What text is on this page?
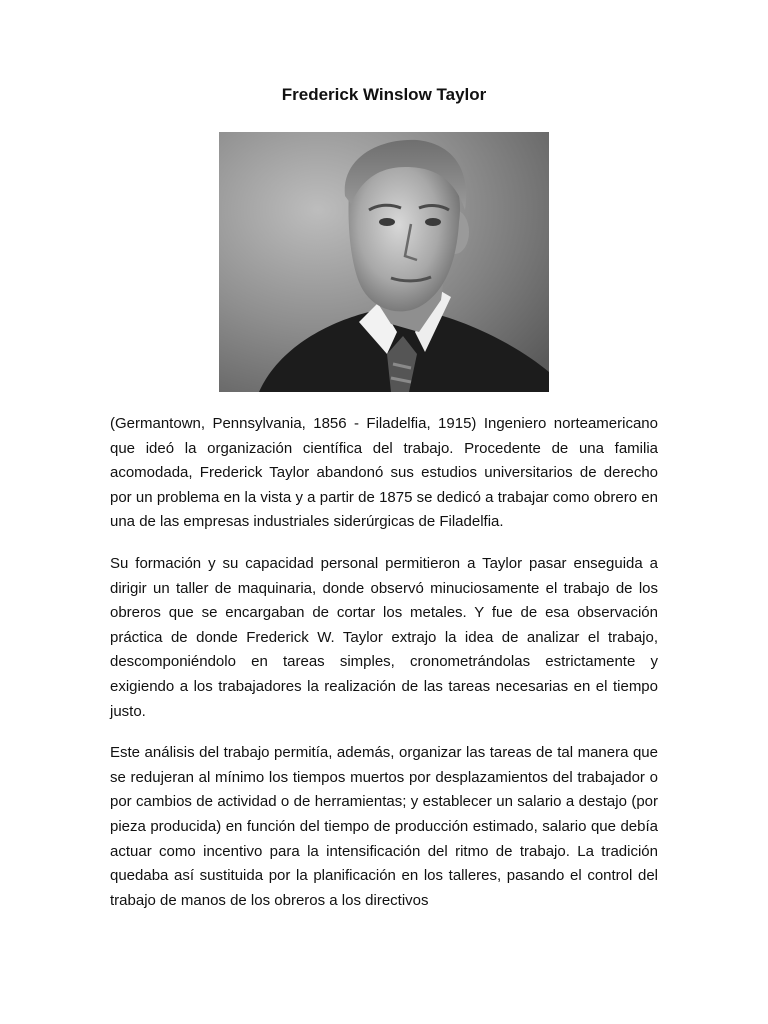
Frederick Winslow Taylor

(Germantown, Pennsylvania, 1856 - Filadelfia, 1915) Ingeniero norteamericano que ideó la organización científica del trabajo. Procedente de una familia acomodada, Frederick Taylor abandonó sus estudios universitarios de derecho por un problema en la vista y a partir de 1875 se dedicó a trabajar como obrero en una de las empresas industriales siderúrgicas de Filadelfia.

Su formación y su capacidad personal permitieron a Taylor pasar enseguida a dirigir un taller de maquinaria, donde observó minuciosamente el trabajo de los obreros que se encargaban de cortar los metales. Y fue de esa observación práctica de donde Frederick W. Taylor extrajo la idea de analizar el trabajo, descomponiéndolo en tareas simples, cronometrándolas estrictamente y exigiendo a los trabajadores la realización de las tareas necesarias en el tiempo justo.

Este análisis del trabajo permitía, además, organizar las tareas de tal manera que se redujeran al mínimo los tiempos muertos por desplazamientos del trabajador o por cambios de actividad o de herramientas; y establecer un salario a destajo (por pieza producida) en función del tiempo de producción estimado, salario que debía actuar como incentivo para la intensificación del ritmo de trabajo. La tradición quedaba así sustituida por la planificación en los talleres, pasando el control del trabajo de manos de los obreros a los directivos
